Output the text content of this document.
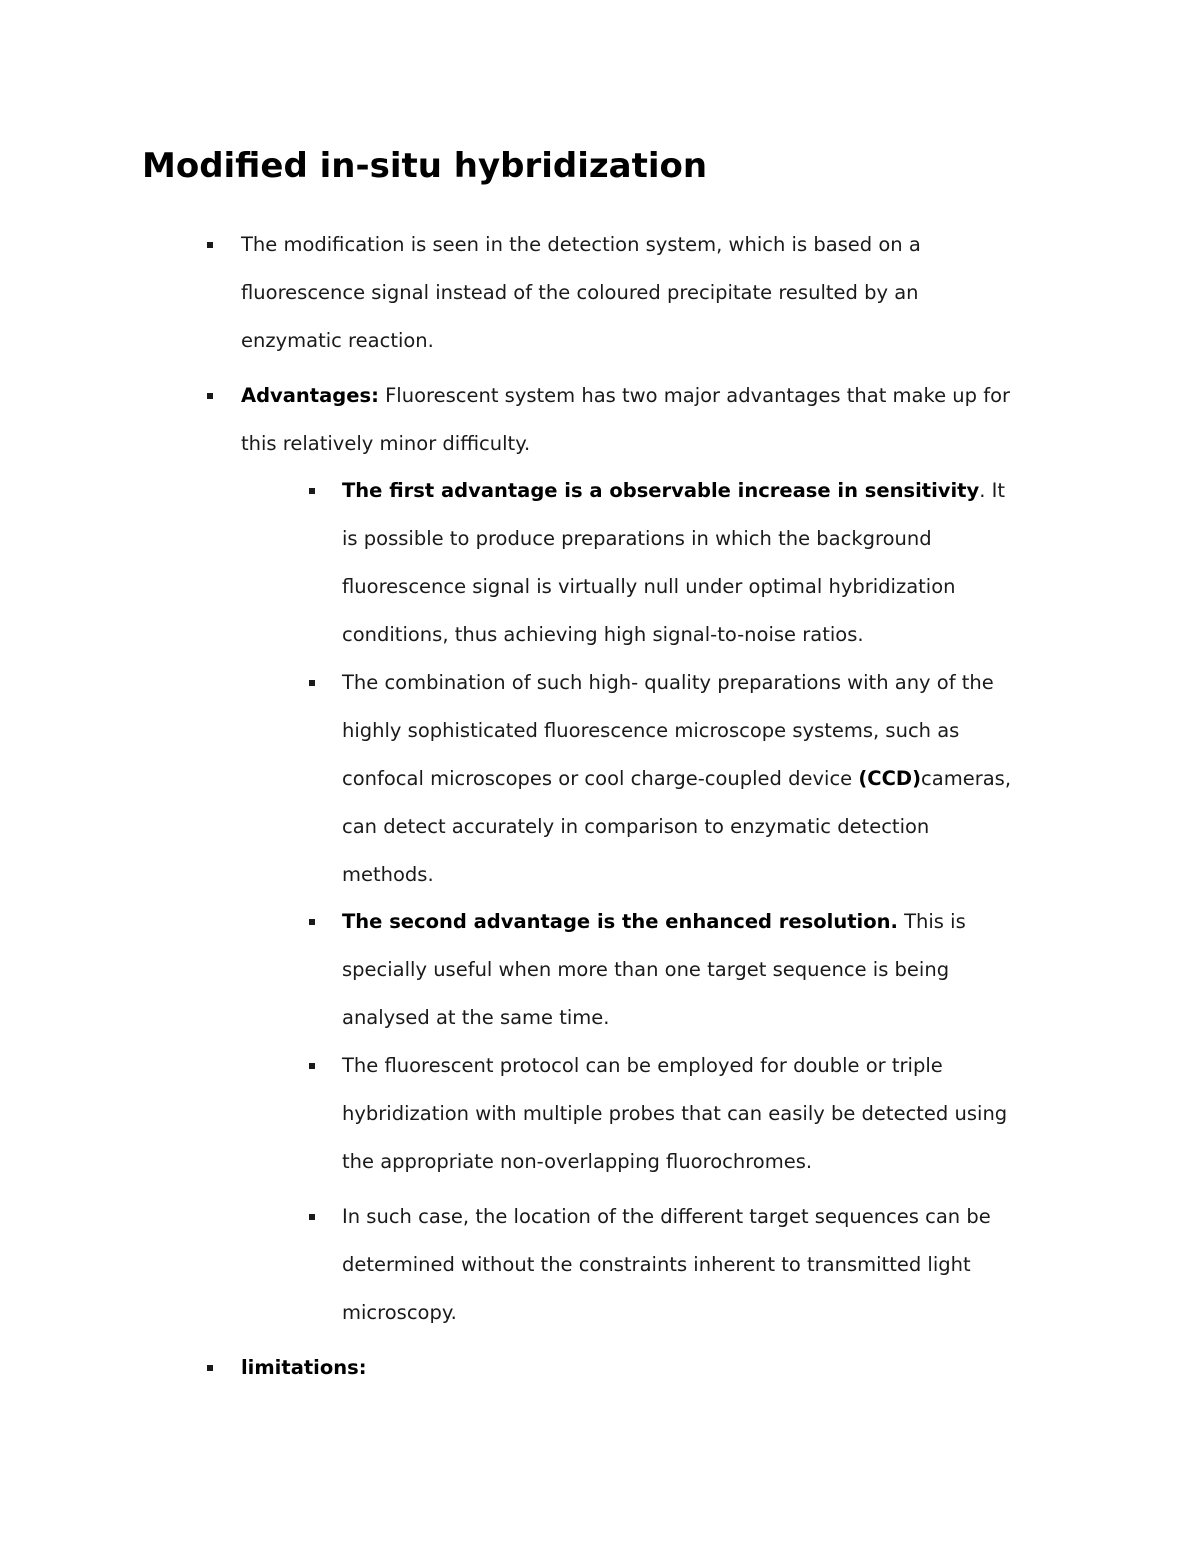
Modified in-situ hybridization
The modification is seen in the detection system, which is based on a
fluorescence signal instead of the coloured precipitate resulted by an
enzymatic reaction.
Advantages: Fluorescent system has two major advantages that make up for
this relatively minor difficulty.
The first advantage is a observable increase in sensitivity. It
is possible to produce preparations in which the background
fluorescence signal is virtually null under optimal hybridization
conditions, thus achieving high signal-to-noise ratios.
The combination of such high- quality preparations with any of the
highly sophisticated fluorescence microscope systems, such as
confocal microscopes or cool charge-coupled device (CCD)cameras,
can detect accurately in comparison to enzymatic detection
methods.
The second advantage is the enhanced resolution. This is
specially useful when more than one target sequence is being
analysed at the same time.
The fluorescent protocol can be employed for double or triple
hybridization with multiple probes that can easily be detected using
the appropriate non-overlapping fluorochromes.
In such case, the location of the different target sequences can be
determined without the constraints inherent to transmitted light
microscopy.
limitations:
